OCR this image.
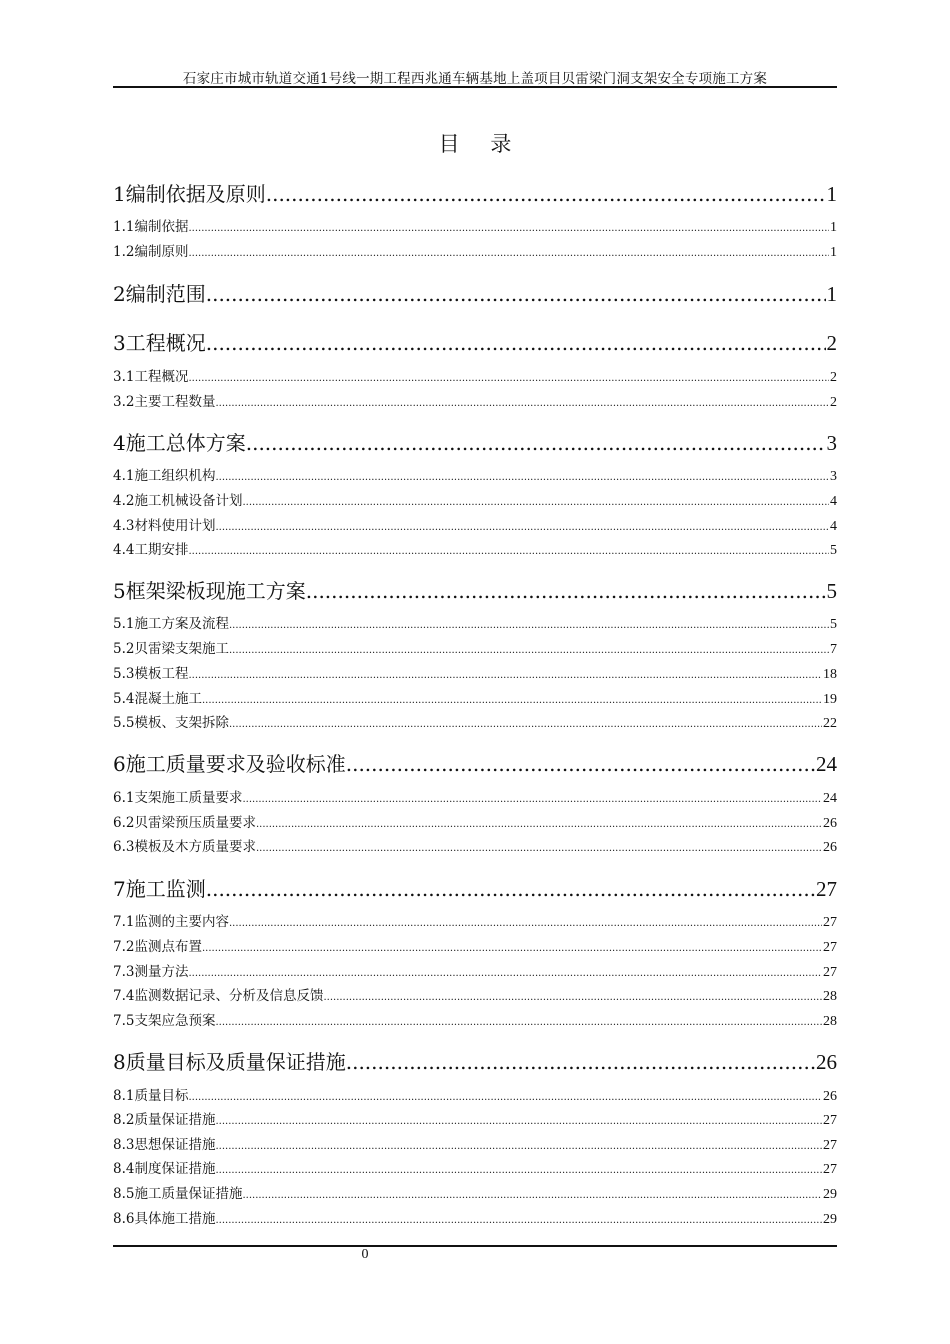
石家庄市城市轨道交通1号线一期工程西兆通车辆基地上盖项目贝雷梁门洞支架安全专项施工方案
目 录
1编制依据及原则 .....	1
1.1编制依据 .....	1
1.2编制原则 .....	1
2编制范围 .....	1
3工程概况 .....	2
3.1工程概况 .....	2
3.2主要工程数量 .....	2
4施工总体方案 .....	3
4.1施工组织机构 .....	3
4.2施工机械设备计划 .....	4
4.3材料使用计划 .....	4
4.4工期安排 .....	5
5框架梁板现施工方案 .....	5
5.1施工方案及流程 .....	5
5.2贝雷梁支架施工 .....	7
5.3模板工程 .....	18
5.4混凝土施工 .....	19
5.5模板、支架拆除 .....	22
6施工质量要求及验收标准 .....	24
6.1支架施工质量要求 .....	24
6.2贝雷梁预压质量要求 .....	26
6.3模板及木方质量要求 .....	26
7施工监测 .....	27
7.1监测的主要内容 .....	27
7.2监测点布置 .....	27
7.3测量方法 .....	27
7.4监测数据记录、分析及信息反馈 .....	28
7.5支架应急预案 .....	28
8质量目标及质量保证措施 .....	26
8.1质量目标 .....	26
8.2质量保证措施 .....	27
8.3思想保证措施 .....	27
8.4制度保证措施 .....	27
8.5施工质量保证措施 .....	29
8.6具体施工措施 .....	29
0
